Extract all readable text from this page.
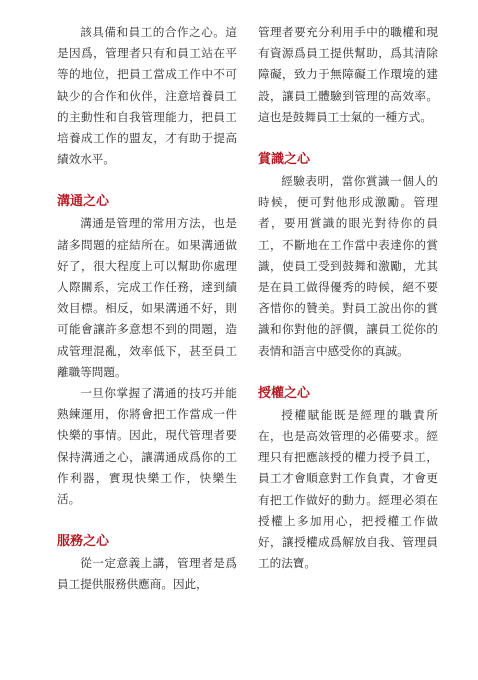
該具備和員工的合作之心。這是因爲，管理者只有和員工站在平等的地位，把員工當成工作中不可缺少的合作和伙伴，注意培養員工的主動性和自我管理能力，把員工培養成工作的盟友，才有助于提高績效水平。

溝通之心

溝通是管理的常用方法，也是諸多問題的症結所在。如果溝通做好了，很大程度上可以幫助你處理人際關系，完成工作任務，達到績效目標。相反，如果溝通不好，則可能會讓許多意想不到的問題，造成管理混亂，效率低下，甚至員工離職等問題。

一旦你掌握了溝通的技巧并能熟練運用，你將會把工作當成一件快樂的事情。因此，現代管理者要保持溝通之心，讓溝通成爲你的工作利器，實現快樂工作，快樂生活。

服務之心

從一定意義上講，管理者是爲員工提供服務供應商。因此，

管理者要充分利用手中的職權和現有資源爲員工提供幫助，爲其清除障礙，致力于無障礙工作環境的建設，讓員工體驗到管理的高效率。這也是鼓舞員工士氣的一種方式。

賞識之心

經驗表明，當你賞識一個人的時候，便可對他形成激勵。管理者，要用賞識的眼光對待你的員工，不斷地在工作當中表達你的賞識，使員工受到鼓舞和激勵，尤其是在員工做得優秀的時候，絕不要吝惜你的贊美。對員工說出你的賞識和你對他的評價，讓員工從你的表情和語言中感受你的真誠。

授權之心

授權賦能既是經理的職責所在，也是高效管理的必備要求。經理只有把應該授的權力授予員工，員工才會順意對工作負責，才會更有把工作做好的動力。經理必須在授權上多加用心，把授權工作做好，讓授權成爲解放自我、管理員工的法寶。
